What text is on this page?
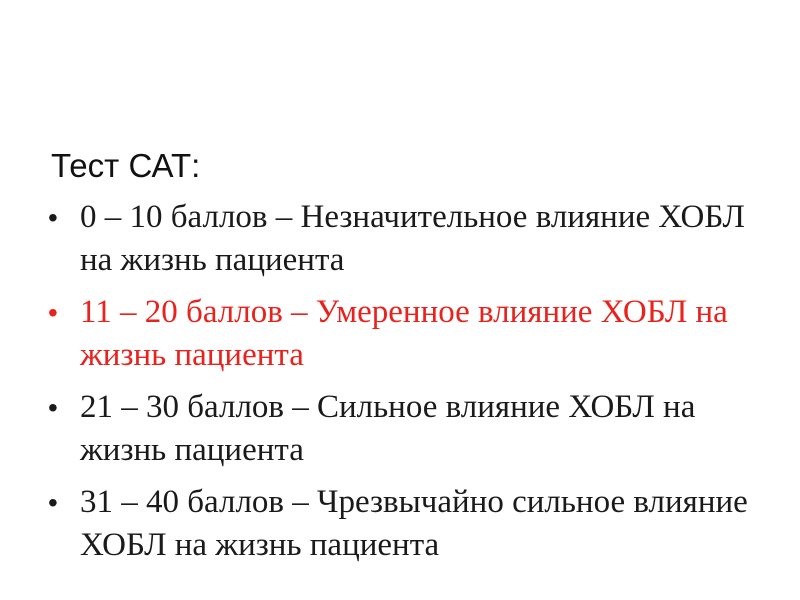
Тест САТ:
• 0 – 10 баллов – Незначительное влияние ХОБЛ на жизнь пациента
• 11 – 20 баллов – Умеренное влияние ХОБЛ на жизнь пациента
• 21 – 30 баллов – Сильное влияние ХОБЛ на жизнь пациента
• 31 – 40 баллов – Чрезвычайно сильное влияние ХОБЛ на жизнь пациента
